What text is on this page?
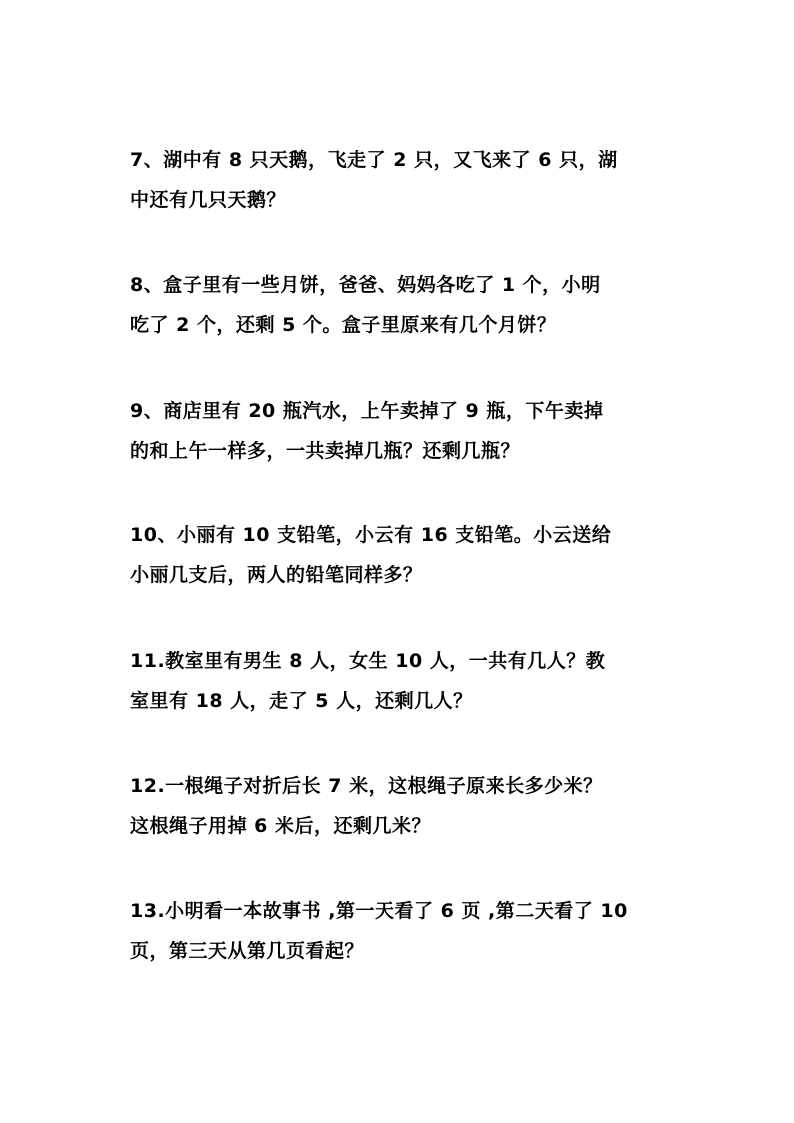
7、湖中有 8 只天鹅，飞走了 2 只，又飞来了 6 只，湖
中还有几只天鹅？

8、盒子里有一些月饼，爸爸、妈妈各吃了 1 个，小明
吃了 2 个，还剩 5 个。盒子里原来有几个月饼？

9、商店里有 20 瓶汽水，上午卖掉了 9 瓶，下午卖掉
的和上午一样多，一共卖掉几瓶？还剩几瓶？

10、小丽有 10 支铅笔，小云有 16 支铅笔。小云送给
小丽几支后，两人的铅笔同样多？

11.教室里有男生 8 人，女生 10 人，一共有几人？教
室里有 18 人，走了 5 人，还剩几人？

12.一根绳子对折后长 7 米，这根绳子原来长多少米？
这根绳子用掉 6 米后，还剩几米？

13.小明看一本故事书 ,第一天看了 6 页 ,第二天看了 10
页，第三天从第几页看起？
